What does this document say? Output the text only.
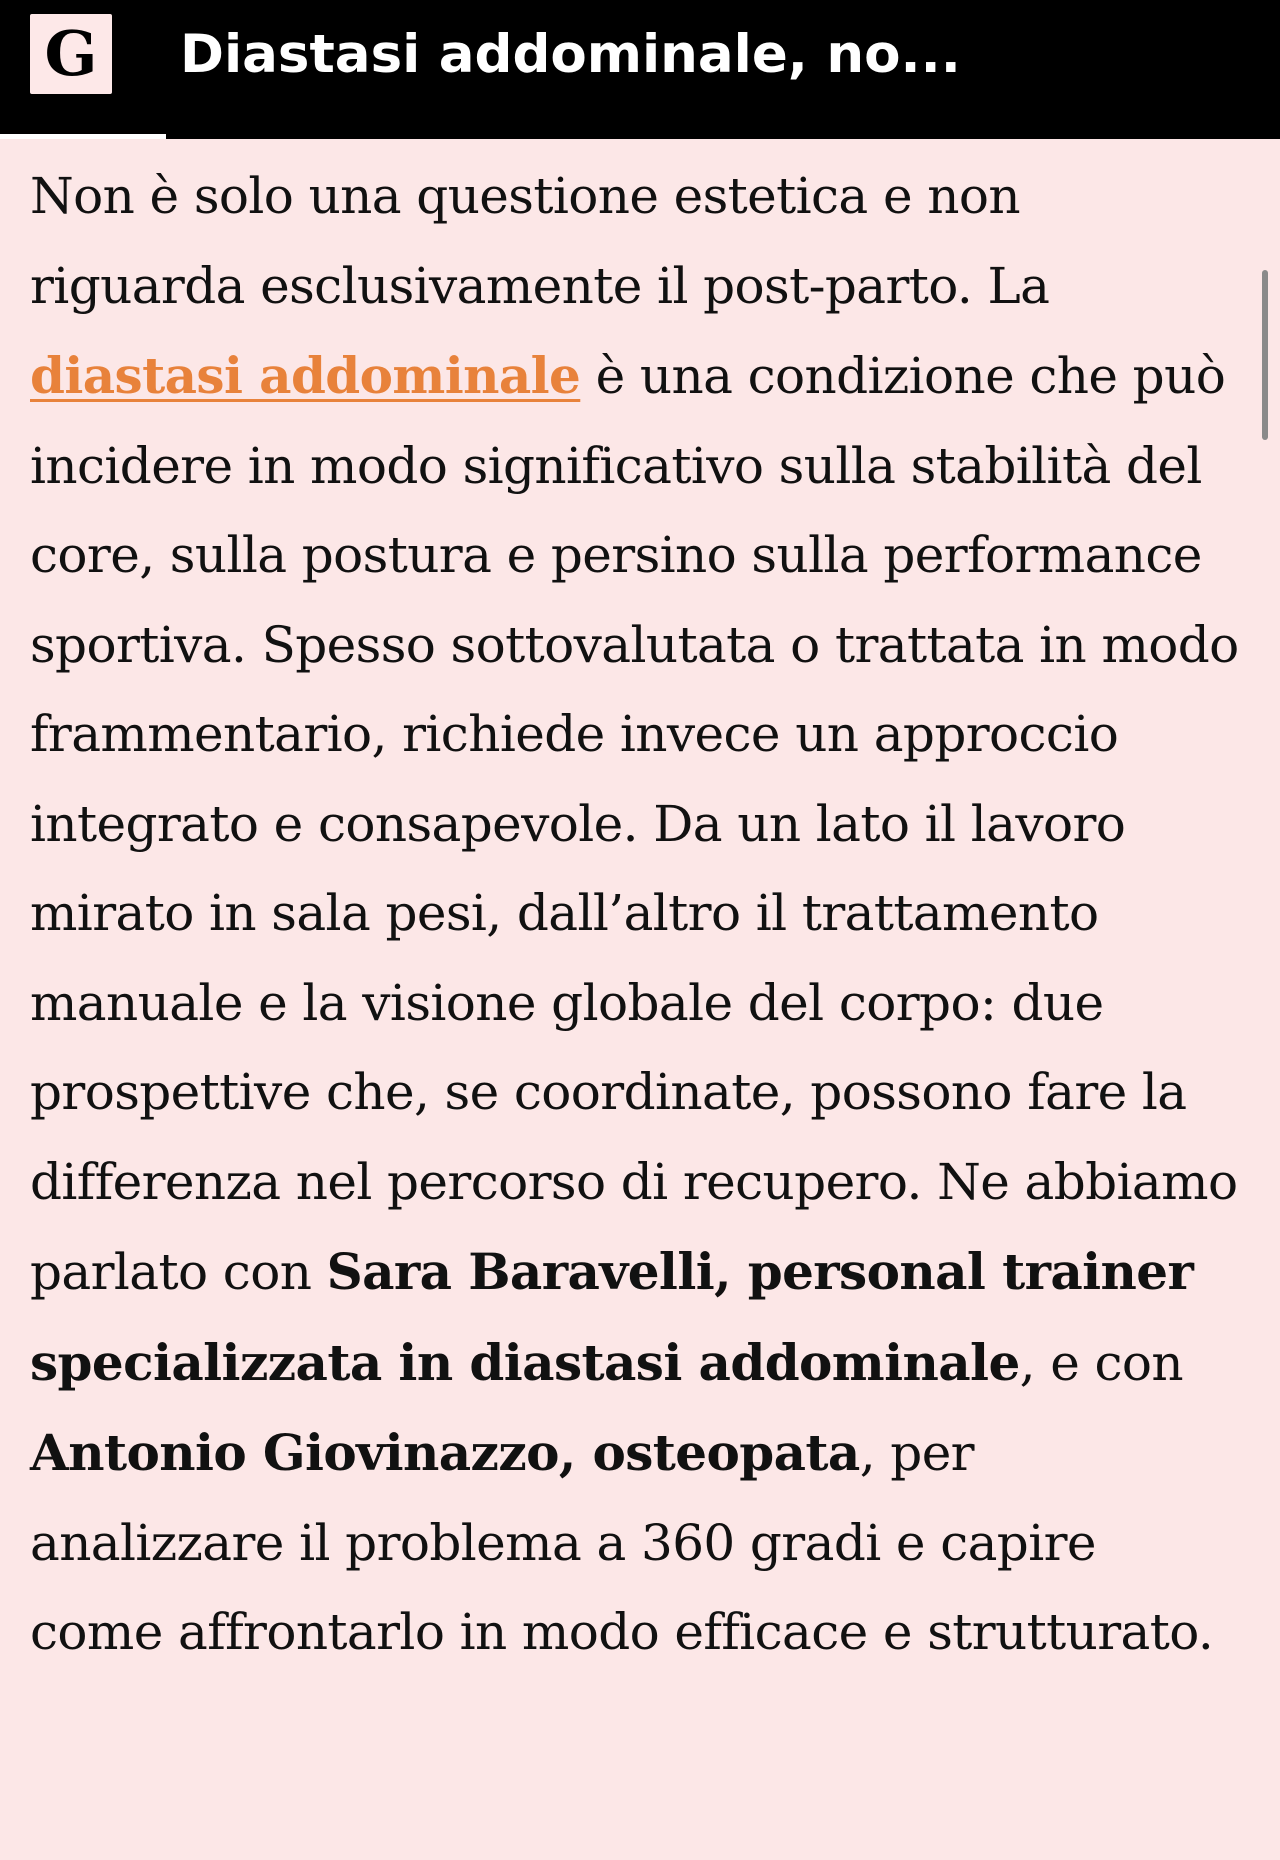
G Diastasi addominale, no...
Non è solo una questione estetica e non riguarda esclusivamente il post-parto. La diastasi addominale è una condizione che può incidere in modo significativo sulla stabilità del core, sulla postura e persino sulla performance sportiva. Spesso sottovalutata o trattata in modo frammentario, richiede invece un approccio integrato e consapevole. Da un lato il lavoro mirato in sala pesi, dall’altro il trattamento manuale e la visione globale del corpo: due prospettive che, se coordinate, possono fare la differenza nel percorso di recupero. Ne abbiamo parlato con Sara Baravelli, personal trainer specializzata in diastasi addominale, e con Antonio Giovinazzo, osteopata, per analizzare il problema a 360 gradi e capire come affrontarlo in modo efficace e strutturato.
